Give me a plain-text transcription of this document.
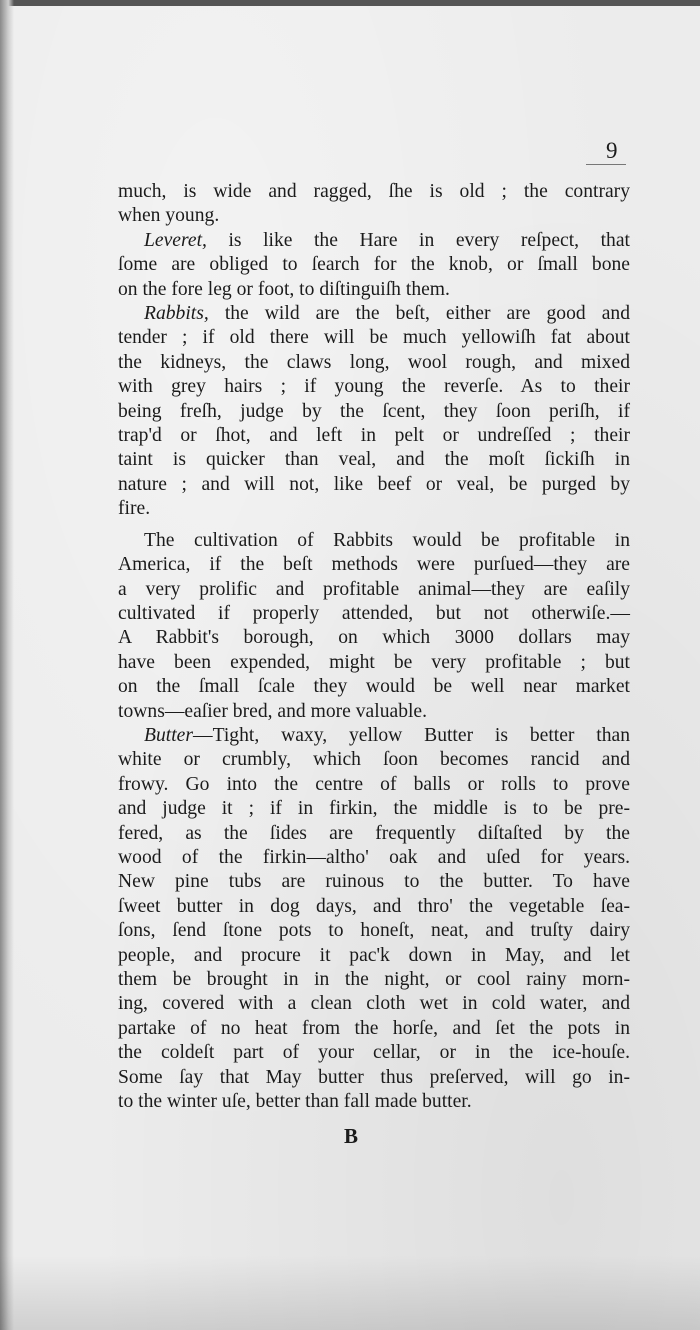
9

much, is wide and ragged, ſhe is old ; the contrary
when young.

Leveret, is like the Hare in every reſpect, that
ſome are obliged to ſearch for the knob, or ſmall bone
on the fore leg or foot, to diſtinguiſh them.

Rabbits, the wild are the beſt, either are good and
tender ; if old there will be much yellowiſh fat about
the kidneys, the claws long, wool rough, and mixed
with grey hairs ; if young the reverſe. As to their
being freſh, judge by the ſcent, they ſoon periſh, if
trap'd or ſhot, and left in pelt or undreſſed ; their
taint is quicker than veal, and the moſt ſickiſh in
nature ; and will not, like beef or veal, be purged by
fire.

The cultivation of Rabbits would be profitable in
America, if the beſt methods were purſued—they are
a very prolific and profitable animal—they are eaſily
cultivated if properly attended, but not otherwiſe.—
A Rabbit's borough, on which 3000 dollars may
have been expended, might be very profitable ; but
on the ſmall ſcale they would be well near market
towns—eaſier bred, and more valuable.

Butter—Tight, waxy, yellow Butter is better than
white or crumbly, which ſoon becomes rancid and
frowy. Go into the centre of balls or rolls to prove
and judge it ; if in firkin, the middle is to be pre-
fered, as the ſides are frequently diſtaſted by the
wood of the firkin—altho' oak and uſed for years.
New pine tubs are ruinous to the butter. To have
ſweet butter in dog days, and thro' the vegetable ſea-
ſons, ſend ſtone pots to honeſt, neat, and truſty dairy
people, and procure it pac'k down in May, and let
them be brought in in the night, or cool rainy morn-
ing, covered with a clean cloth wet in cold water, and
partake of no heat from the horſe, and ſet the pots in
the coldeſt part of your cellar, or in the ice-houſe.
Some ſay that May butter thus preſerved, will go in-
to the winter uſe, better than fall made butter.

B
